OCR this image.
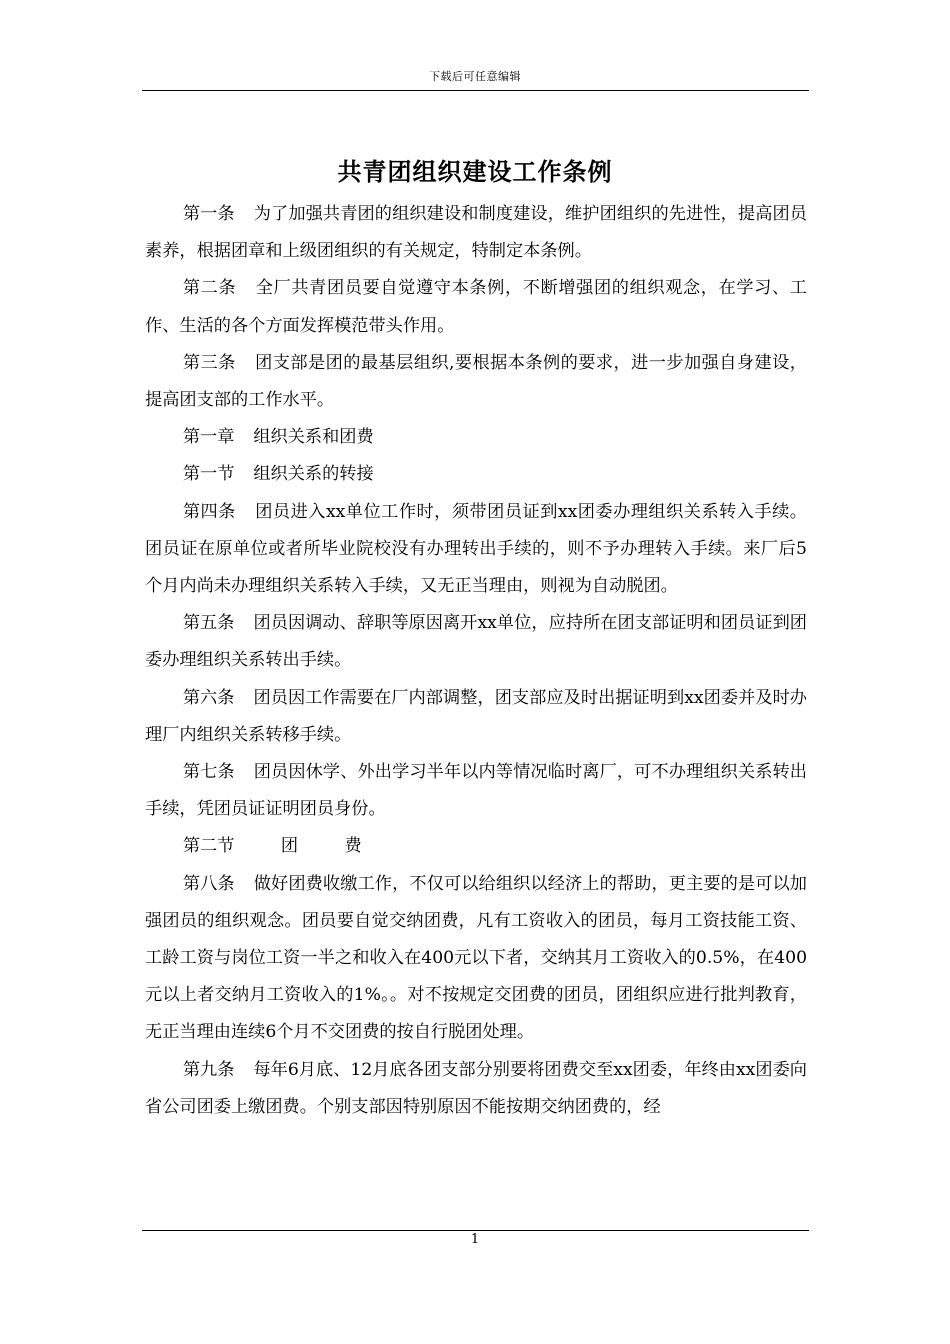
下载后可任意编辑
共青团组织建设工作条例

第一条 为了加强共青团的组织建设和制度建设，维护团组织的先进性，提高团员素养，根据团章和上级团组织的有关规定，特制定本条例。

第二条 全厂共青团员要自觉遵守本条例，不断增强团的组织观念，在学习、工作、生活的各个方面发挥模范带头作用。

第三条 团支部是团的最基层组织,要根据本条例的要求，进一步加强自身建设，提高团支部的工作水平。

第一章 组织关系和团费

第一节 组织关系的转接

第四条 团员进入xx单位工作时，须带团员证到xx团委办理组织关系转入手续。团员证在原单位或者所毕业院校没有办理转出手续的，则不予办理转入手续。来厂后5个月内尚未办理组织关系转入手续，又无正当理由，则视为自动脱团。

第五条 团员因调动、辞职等原因离开xx单位，应持所在团支部证明和团员证到团委办理组织关系转出手续。

第六条 团员因工作需要在厂内部调整，团支部应及时出据证明到xx团委并及时办理厂内组织关系转移手续。

第七条 团员因休学、外出学习半年以内等情况临时离厂，可不办理组织关系转出手续，凭团员证证明团员身份。

第二节	团	费

第八条 做好团费收缴工作，不仅可以给组织以经济上的帮助，更主要的是可以加强团员的组织观念。团员要自觉交纳团费，凡有工资收入的团员，每月工资技能工资、工龄工资与岗位工资一半之和收入在400元以下者，交纳其月工资收入的0.5%，在400元以上者交纳月工资收入的1%。。对不按规定交团费的团员，团组织应进行批判教育，无正当理由连续6个月不交团费的按自行脱团处理。

第九条 每年6月底、12月底各团支部分别要将团费交至xx团委，年终由xx团委向省公司团委上缴团费。个别支部因特别原因不能按期交纳团费的，经

1
